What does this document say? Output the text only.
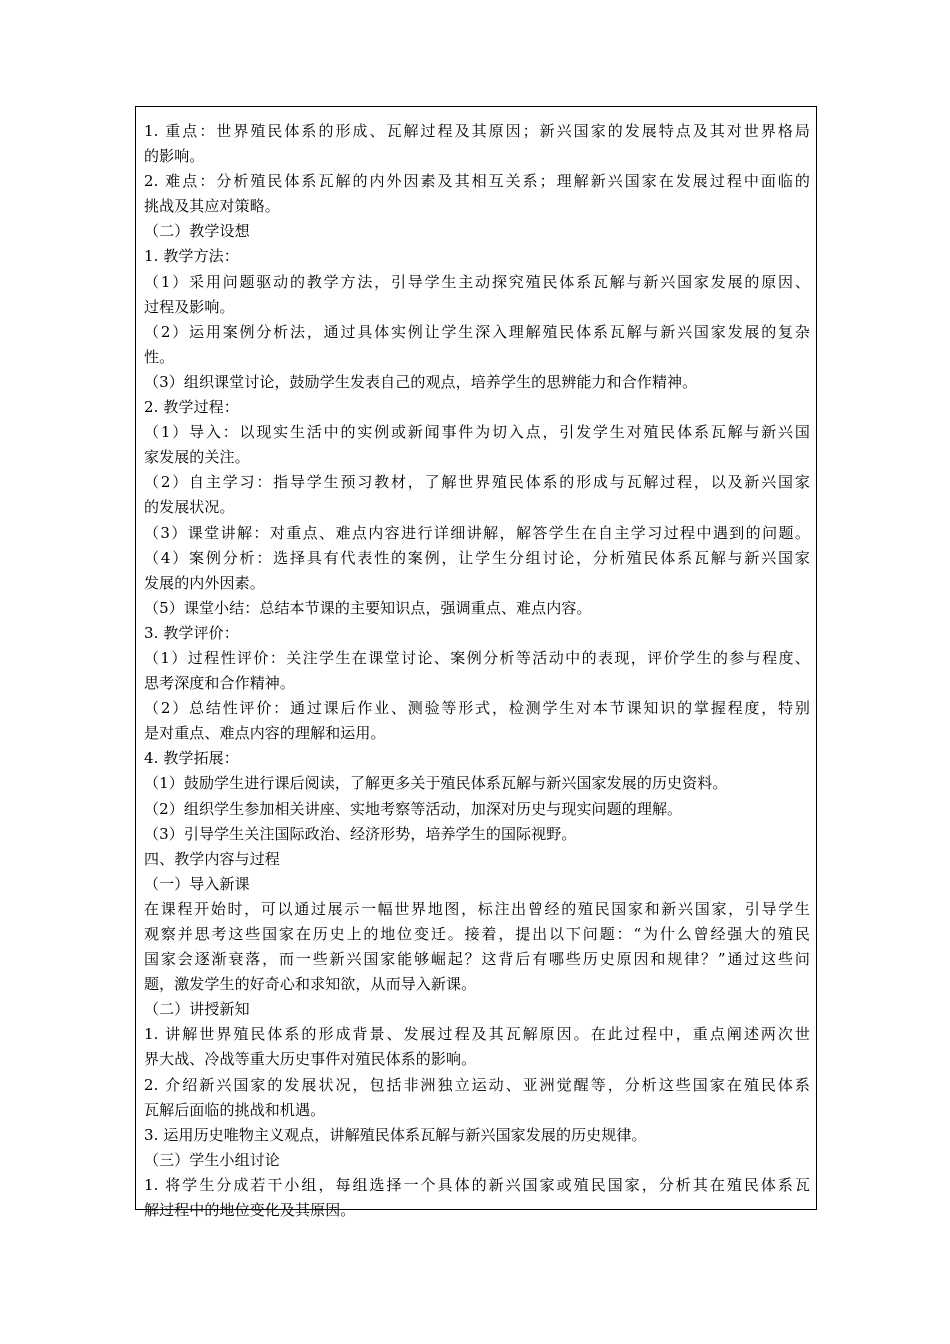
1. 重点：世界殖民体系的形成、瓦解过程及其原因；新兴国家的发展特点及其对世界格局

的影响。

2. 难点：分析殖民体系瓦解的内外因素及其相互关系；理解新兴国家在发展过程中面临的

挑战及其应对策略。

（二）教学设想

1. 教学方法：

（1）采用问题驱动的教学方法，引导学生主动探究殖民体系瓦解与新兴国家发展的原因、

过程及影响。

（2）运用案例分析法，通过具体实例让学生深入理解殖民体系瓦解与新兴国家发展的复杂

性。

（3）组织课堂讨论，鼓励学生发表自己的观点，培养学生的思辨能力和合作精神。

2. 教学过程：

（1）导入：以现实生活中的实例或新闻事件为切入点，引发学生对殖民体系瓦解与新兴国

家发展的关注。

（2）自主学习：指导学生预习教材，了解世界殖民体系的形成与瓦解过程，以及新兴国家

的发展状况。

（3）课堂讲解：对重点、难点内容进行详细讲解，解答学生在自主学习过程中遇到的问题。

（4）案例分析：选择具有代表性的案例，让学生分组讨论，分析殖民体系瓦解与新兴国家

发展的内外因素。

（5）课堂小结：总结本节课的主要知识点，强调重点、难点内容。

3. 教学评价：

（1）过程性评价：关注学生在课堂讨论、案例分析等活动中的表现，评价学生的参与程度、

思考深度和合作精神。

（2）总结性评价：通过课后作业、测验等形式，检测学生对本节课知识的掌握程度，特别

是对重点、难点内容的理解和运用。

4. 教学拓展：

（1）鼓励学生进行课后阅读，了解更多关于殖民体系瓦解与新兴国家发展的历史资料。

（2）组织学生参加相关讲座、实地考察等活动，加深对历史与现实问题的理解。

（3）引导学生关注国际政治、经济形势，培养学生的国际视野。

四、教学内容与过程

（一）导入新课

在课程开始时，可以通过展示一幅世界地图，标注出曾经的殖民国家和新兴国家，引导学生

观察并思考这些国家在历史上的地位变迁。接着，提出以下问题：“为什么曾经强大的殖民

国家会逐渐衰落，而一些新兴国家能够崛起？这背后有哪些历史原因和规律？”通过这些问

题，激发学生的好奇心和求知欲，从而导入新课。

（二）讲授新知

1. 讲解世界殖民体系的形成背景、发展过程及其瓦解原因。在此过程中，重点阐述两次世

界大战、冷战等重大历史事件对殖民体系的影响。

2. 介绍新兴国家的发展状况，包括非洲独立运动、亚洲觉醒等，分析这些国家在殖民体系

瓦解后面临的挑战和机遇。

3. 运用历史唯物主义观点，讲解殖民体系瓦解与新兴国家发展的历史规律。

（三）学生小组讨论

1. 将学生分成若干小组，每组选择一个具体的新兴国家或殖民国家，分析其在殖民体系瓦

解过程中的地位变化及其原因。
